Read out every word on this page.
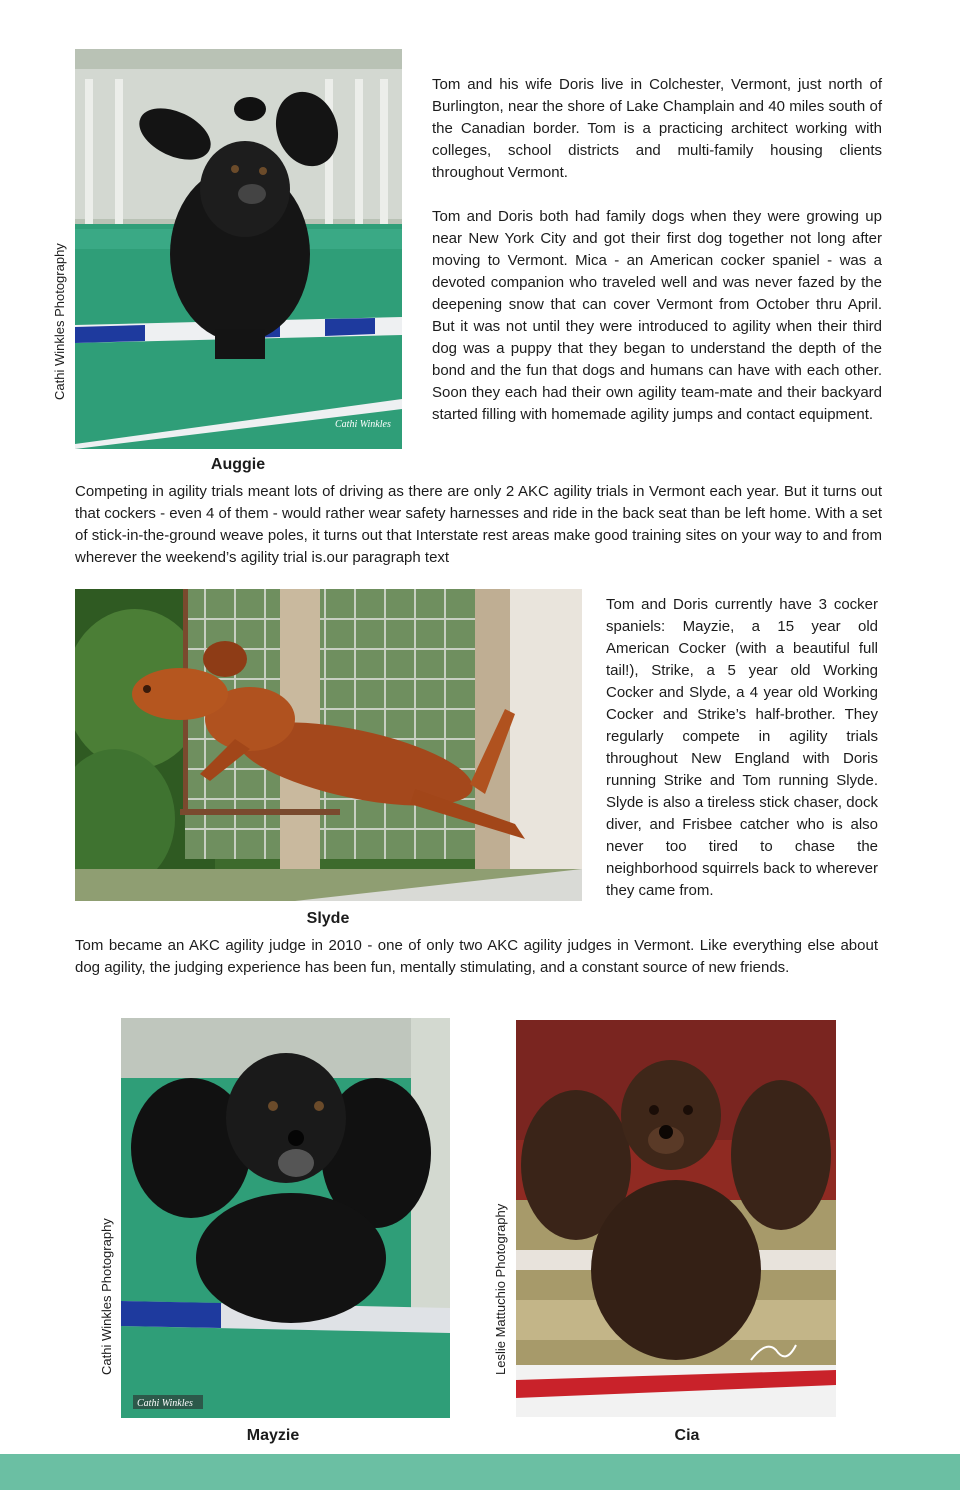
Cathi Winkles
Cathi Winkles Photography
Auggie

Tom and his wife Doris live in Colchester, Vermont, just north of Burlington, near the shore of Lake Champlain and 40 miles south of the Canadian border. Tom is a practicing architect working with colleges, school districts and multi-family housing clients throughout Vermont.

Tom and Doris both had family dogs when they were growing up near New York City and got their first dog together not long after moving to Vermont. Mica - an American cocker spaniel - was a devoted companion who traveled well and was never fazed by the deepening snow that can cover Vermont from October thru April. But it was not until they were introduced to agility when their third dog was a puppy that they began to understand the depth of the bond and the fun that dogs and humans can have with each other. Soon they each had their own agility team-mate and their backyard started filling with homemade agility jumps and contact equipment.

Competing in agility trials meant lots of driving as there are only 2 AKC agility trials in Vermont each year. But it turns out that cockers - even 4 of them - would rather wear safety harnesses and ride in the back seat than be left home. With a set of stick-in-the-ground weave poles, it turns out that Interstate rest areas make good training sites on your way to and from wherever the weekend’s agility trial is.our paragraph text

Slyde

Tom and Doris currently have 3 cocker spaniels: Mayzie, a 15 year old American Cocker (with a beautiful full tail!), Strike, a 5 year old Working Cocker and Slyde, a 4 year old Working Cocker and Strike’s half-brother. They regularly compete in agility trials throughout New England with Doris running Strike and Tom running Slyde. Slyde is also a tireless stick chaser, dock diver, and Frisbee catcher who is also never too tired to chase the neighborhood squirrels back to wherever they came from.

Tom became an AKC agility judge in 2010 - one of only two AKC agility judges in Vermont. Like everything else about dog agility, the judging experience has been fun, mentally stimulating, and a constant source of new friends.

Cathi Winkles
Cathi Winkles Photography
Mayzie
Leslie Mattuchio Photography
Cia
